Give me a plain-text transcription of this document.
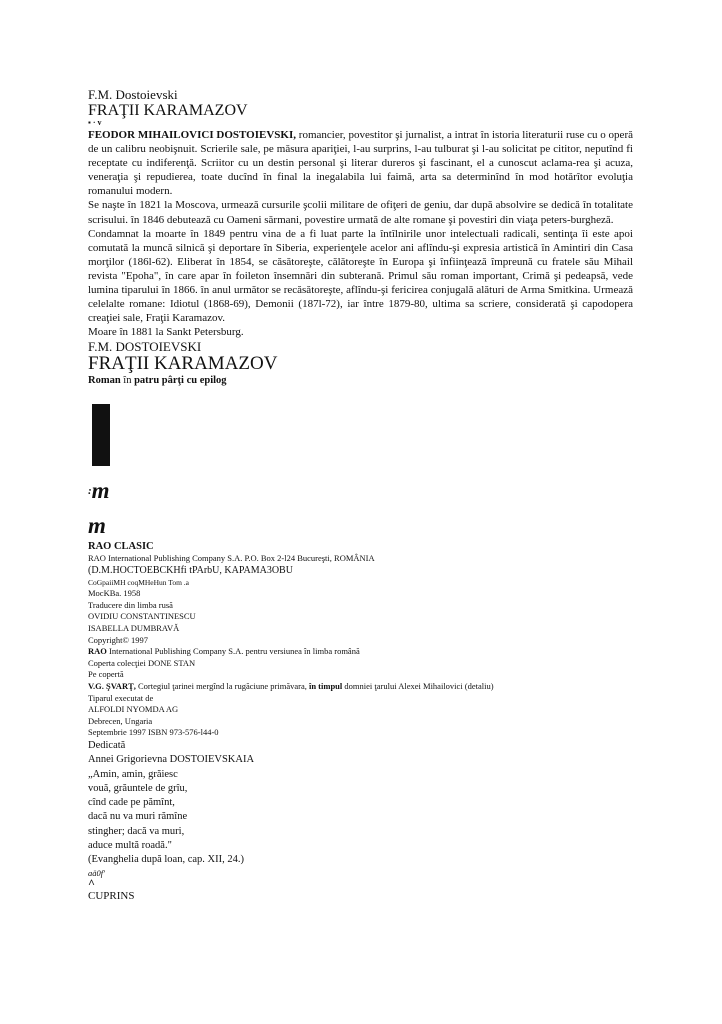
F.M. Dostoievski

FRAŢII KARAMAZOV

▪ · v

FEODOR MIHAILOVICI DOSTOIEVSKI, romancier, povestitor şi jurnalist, a intrat în istoria literaturii ruse cu o operă de un calibru neobişnuit. Scrierile sale, pe măsura apariţiei, l-au surprins, l-au tulburat şi l-au solicitat pe cititor, neputînd fi receptate cu indiferenţă. Scriitor cu un destin personal şi literar dureros şi fascinant, el a cunoscut aclama-rea şi acuza, veneraţia şi repudierea, toate ducînd în final la inegalabila lui faimă, arta sa determinînd în mod hotărîtor evoluţia romanului modern.

Se naşte în 1821 la Moscova, urmează cursurile şcolii militare de ofiţeri de geniu, dar după absolvire se dedică în totalitate scrisului. în 1846 debutează cu Oameni sărmani, povestire urmată de alte romane şi povestiri din viaţa peters-burgheză.

Condamnat la moarte în 1849 pentru vina de a fi luat parte la întîlnirile unor intelectuali radicali, sentinţa îi este apoi comutată la muncă silnică şi deportare în Siberia, experienţele acelor ani aflîndu-şi expresia artistică în Amintiri din Casa morţilor (186l-62). Eliberat în 1854, se căsătoreşte, călătoreşte în Europa şi înfiinţează împreună cu fratele său Mihail revista "Epoha", în care apar în foileton însemnări din subterană. Primul său roman important, Crimă şi pedeapsă, vede lumina tiparului în 1866. în anul următor se recăsătoreşte, aflîndu-şi fericirea conjugală alături de Arma Smitkina. Urmează celelalte romane: Idiotul (1868-69), Demonii (187l-72), iar între 1879-80, ultima sa scriere, considerată şi capodopera creaţiei sale, Fraţii Karamazov.

Moare în 1881 la Sankt Petersburg.

F.M. DOSTOIEVSKI

FRAŢII KARAMAZOV

Roman în patru pârţi cu epilog

:m

m

RAO CLASIC

RAO International Publishing Company S.A. P.O. Box 2-l24 Bucureşti, ROMÂNIA
(D.M.HOCTOEBCKHfi tPArbU, KAPAMA3OBU
CoGpaiiMH coqMHeHun Tom .a
MocKBa. 1958
Traducere din limba rusă
OVIDIU CONSTANTINESCU
ISABELLA DUMBRAVĂ
Copyright© 1997
RAO International Publishing Company S.A. pentru versiunea în limba română
Coperta colecţiei DONE STAN
Pe copertă
V.G. ŞVARŢ, Cortegiul ţarinei mergînd la rugăciune primăvara, în timpul domniei ţarului Alexei Mihailovici (detaliu)
Tiparul executat de
ALFOLDI NYOMDA AG
Debrecen, Ungaria
Septembrie 1997 ISBN 973-576-l44-0
Dedicată
Annei Grigorievna DOSTOIEVSKAIA
„Amin, amin, grăiesc
vouă, grăuntele de grîu,
cînd cade pe pămînt,
dacă nu va muri rămîne
stingher; dacă va muri,
aduce multă roadă."
(Evanghelia după loan, cap. XII, 24.)

aä0f'

^

CUPRINS
